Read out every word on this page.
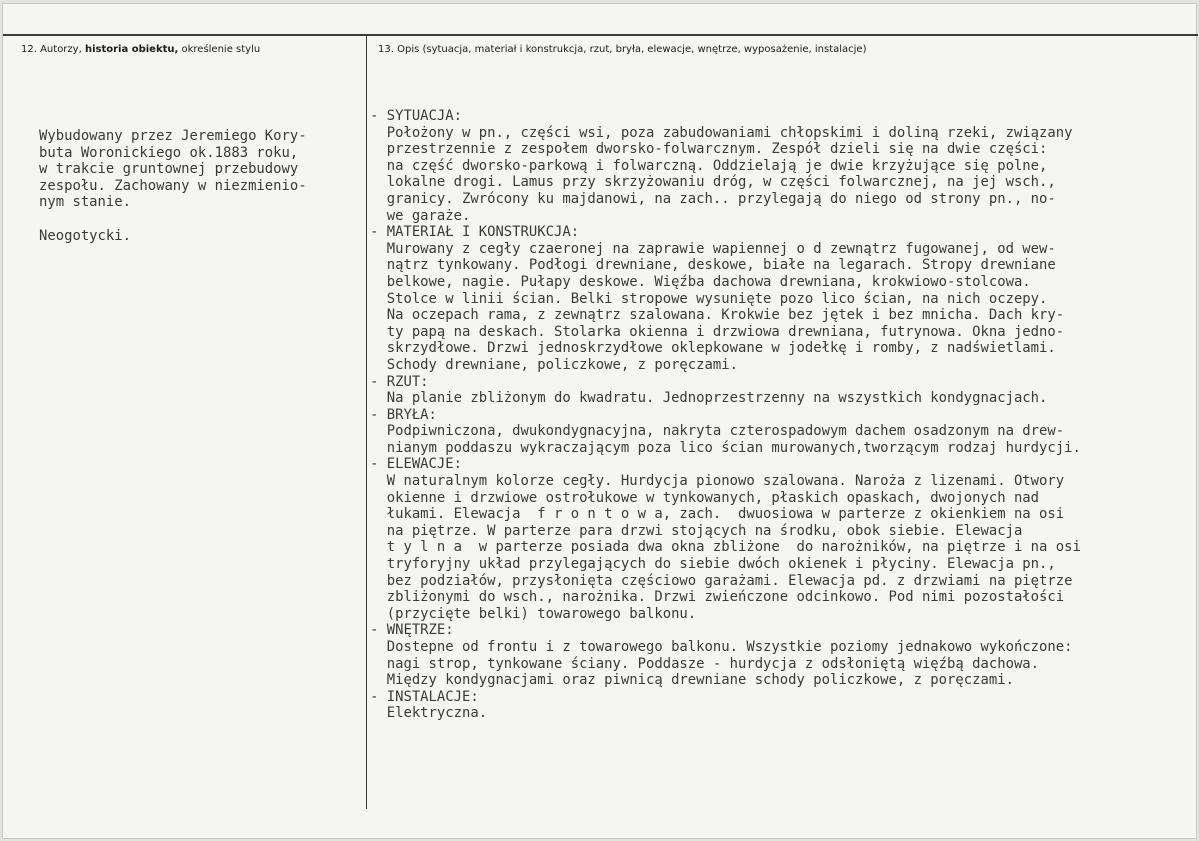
12. Autorzy, historia obiektu, określenie stylu	13. Opis (sytuacja, materiał i konstrukcja, rzut, bryła, elewacje, wnętrze, wyposażenie, instalacje)
Wybudowany przez Jeremiego Kory-
buta Woronickiego ok.1883 roku,
w trakcie gruntownej przebudowy
zespołu. Zachowany w niezmienio-
nym stanie.
Neogotycki.
- SYTUACJA:
Położony w pn., części wsi, poza zabudowaniami chłopskimi i doliną rzeki, związany
przestrzennie z zespołem dworsko-folwarcznym. Zespół dzieli się na dwie części:
na część dworsko-parkową i folwarczną. Oddzielają je dwie krzyżujące się polne,
lokalne drogi. Lamus przy skrzyżowaniu dróg, w części folwarcznej, na jej wsch.,
granicy. Zwrócony ku majdanowi, na zach.. przylegają do niego od strony pn., no-
we garaże.
- MATERIAŁ I KONSTRUKCJA:
Murowany z cegły czaeronej na zaprawie wapiennej o d zewnątrz fugowanej, od wew-
nątrz tynkowany. Podłogi drewniane, deskowe, białe na legarach. Stropy drewniane
belkowe, nagie. Pułapy deskowe. Więźba dachowa drewniana, krokwiowo-stolcowa.
Stolce w linii ścian. Belki stropowe wysunięte pozo lico ścian, na nich oczepy.
Na oczepach rama, z zewnątrz szalowana. Krokwie bez jętek i bez mnicha. Dach kry-
ty papą na deskach. Stolarka okienna i drzwiowa drewniana, futrynowa. Okna jedno-
skrzydłowe. Drzwi jednoskrzydłowe oklepkowane w jodełkę i romby, z nadświetlami.
Schody drewniane, policzkowe, z poręczami.
- RZUT:
Na planie zbliżonym do kwadratu. Jednoprzestrzenny na wszystkich kondygnacjach.
- BRYŁA:
Podpiwniczona, dwukondygnacyjna, nakryta czterospadowym dachem osadzonym na drew-
nianym poddaszu wykraczającym poza lico ścian murowanych,tworzącym rodzaj hurdycji.
- ELEWACJE:
W naturalnym kolorze cegły. Hurdycja pionowo szalowana. Naroża z lizenami. Otwory
okienne i drzwiowe ostrołukowe w tynkowanych, płaskich opaskach, dwojonych nad
łukami. Elewacja  f r o n t o w a, zach.  dwuosiowa w parterze z okienkiem na osi
na piętrze. W parterze para drzwi stojących na środku, obok siebie. Elewacja
t y l n a  w parterze posiada dwa okna zbliżone  do narożników, na piętrze i na osi
tryforyjny układ przylegających do siebie dwóch okienek i płyciny. Elewacja pn.,
bez podziałów, przysłonięta częściowo garażami. Elewacja pd. z drzwiami na piętrze
zbliżonymi do wsch., narożnika. Drzwi zwieńczone odcinkowo. Pod nimi pozostałości
(przycięte belki) towarowego balkonu.
- WNĘTRZE:
Dostepne od frontu i z towarowego balkonu. Wszystkie poziomy jednakowo wykończone:
nagi strop, tynkowane ściany. Poddasze - hurdycja z odsłoniętą więźbą dachowa.
Między kondygnacjami oraz piwnicą drewniane schody policzkowe, z poręczami.
- INSTALACJE:
Elektryczna.
